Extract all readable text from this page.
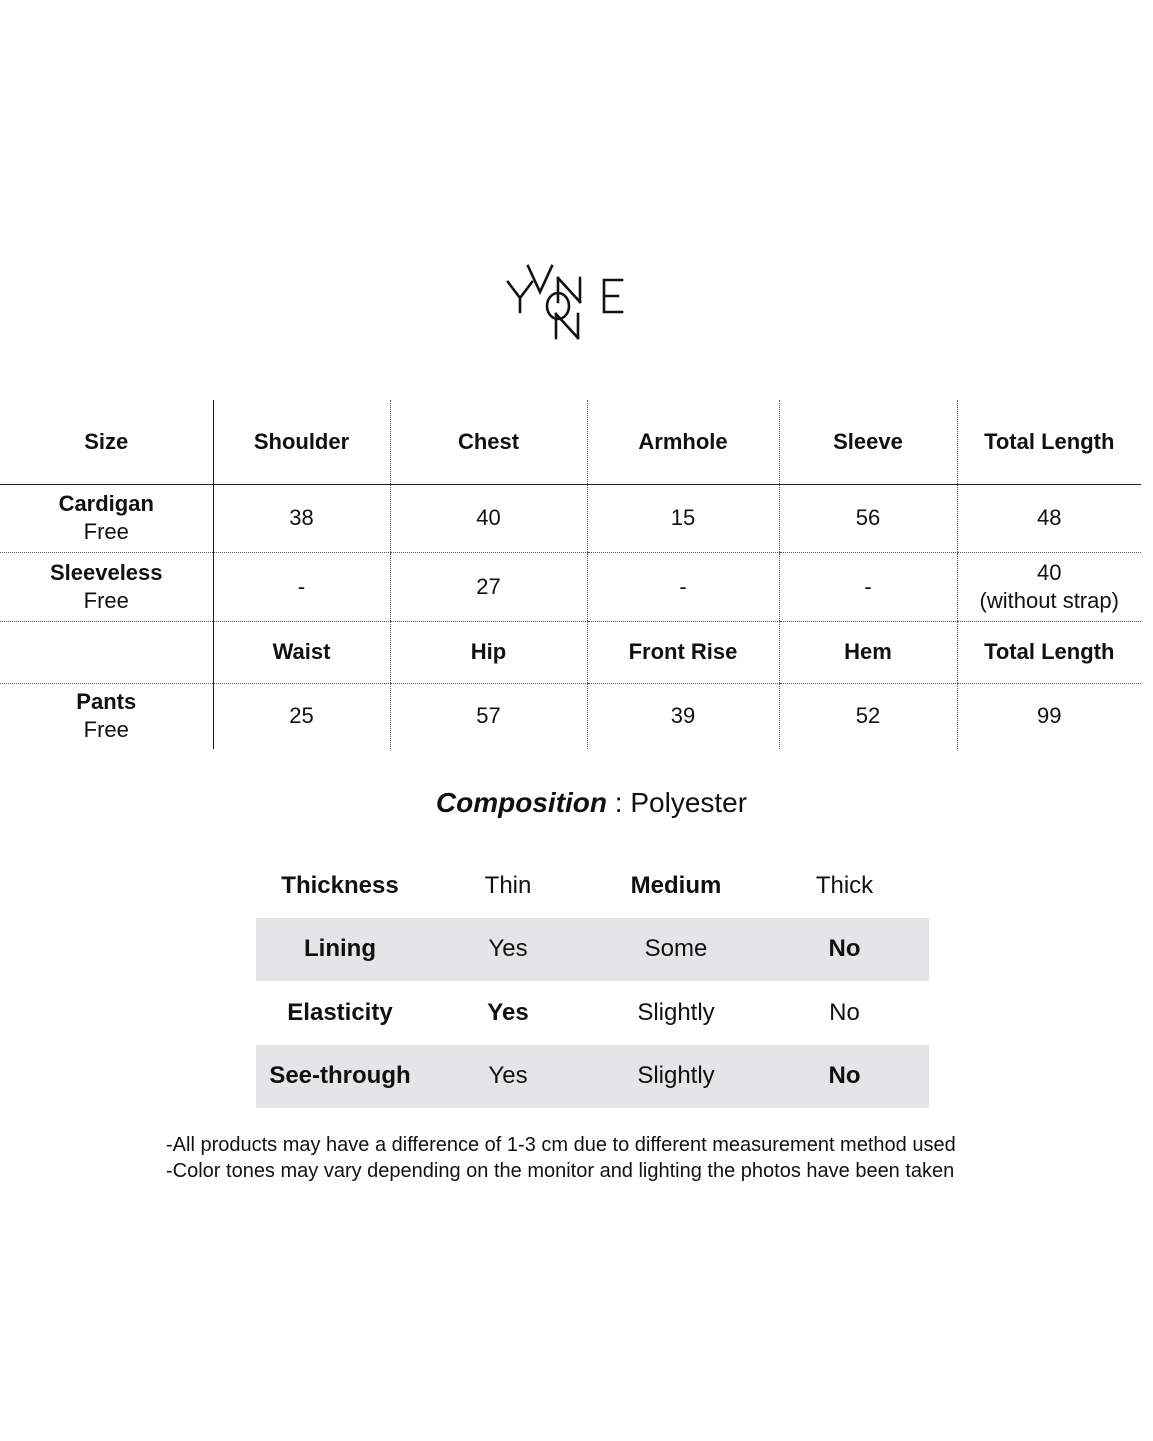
Size	Shoulder	Chest	Armhole	Sleeve	Total Length

Cardigan
Free	38	40	15	56	48

Sleeveless
Free	-	27	-	-	40
(without strap)

	Waist	Hip	Front Rise	Hem	Total Length

Pants
Free	25	57	39	52	99
Composition : Polyester
Thickness	Thin	Medium	Thick
Lining	Yes	Some	No
Elasticity	Yes	Slightly	No
See-through	Yes	Slightly	No
-All products may have a difference of 1-3 cm due to different measurement method used
-Color tones may vary depending on the monitor and lighting the photos have been taken
